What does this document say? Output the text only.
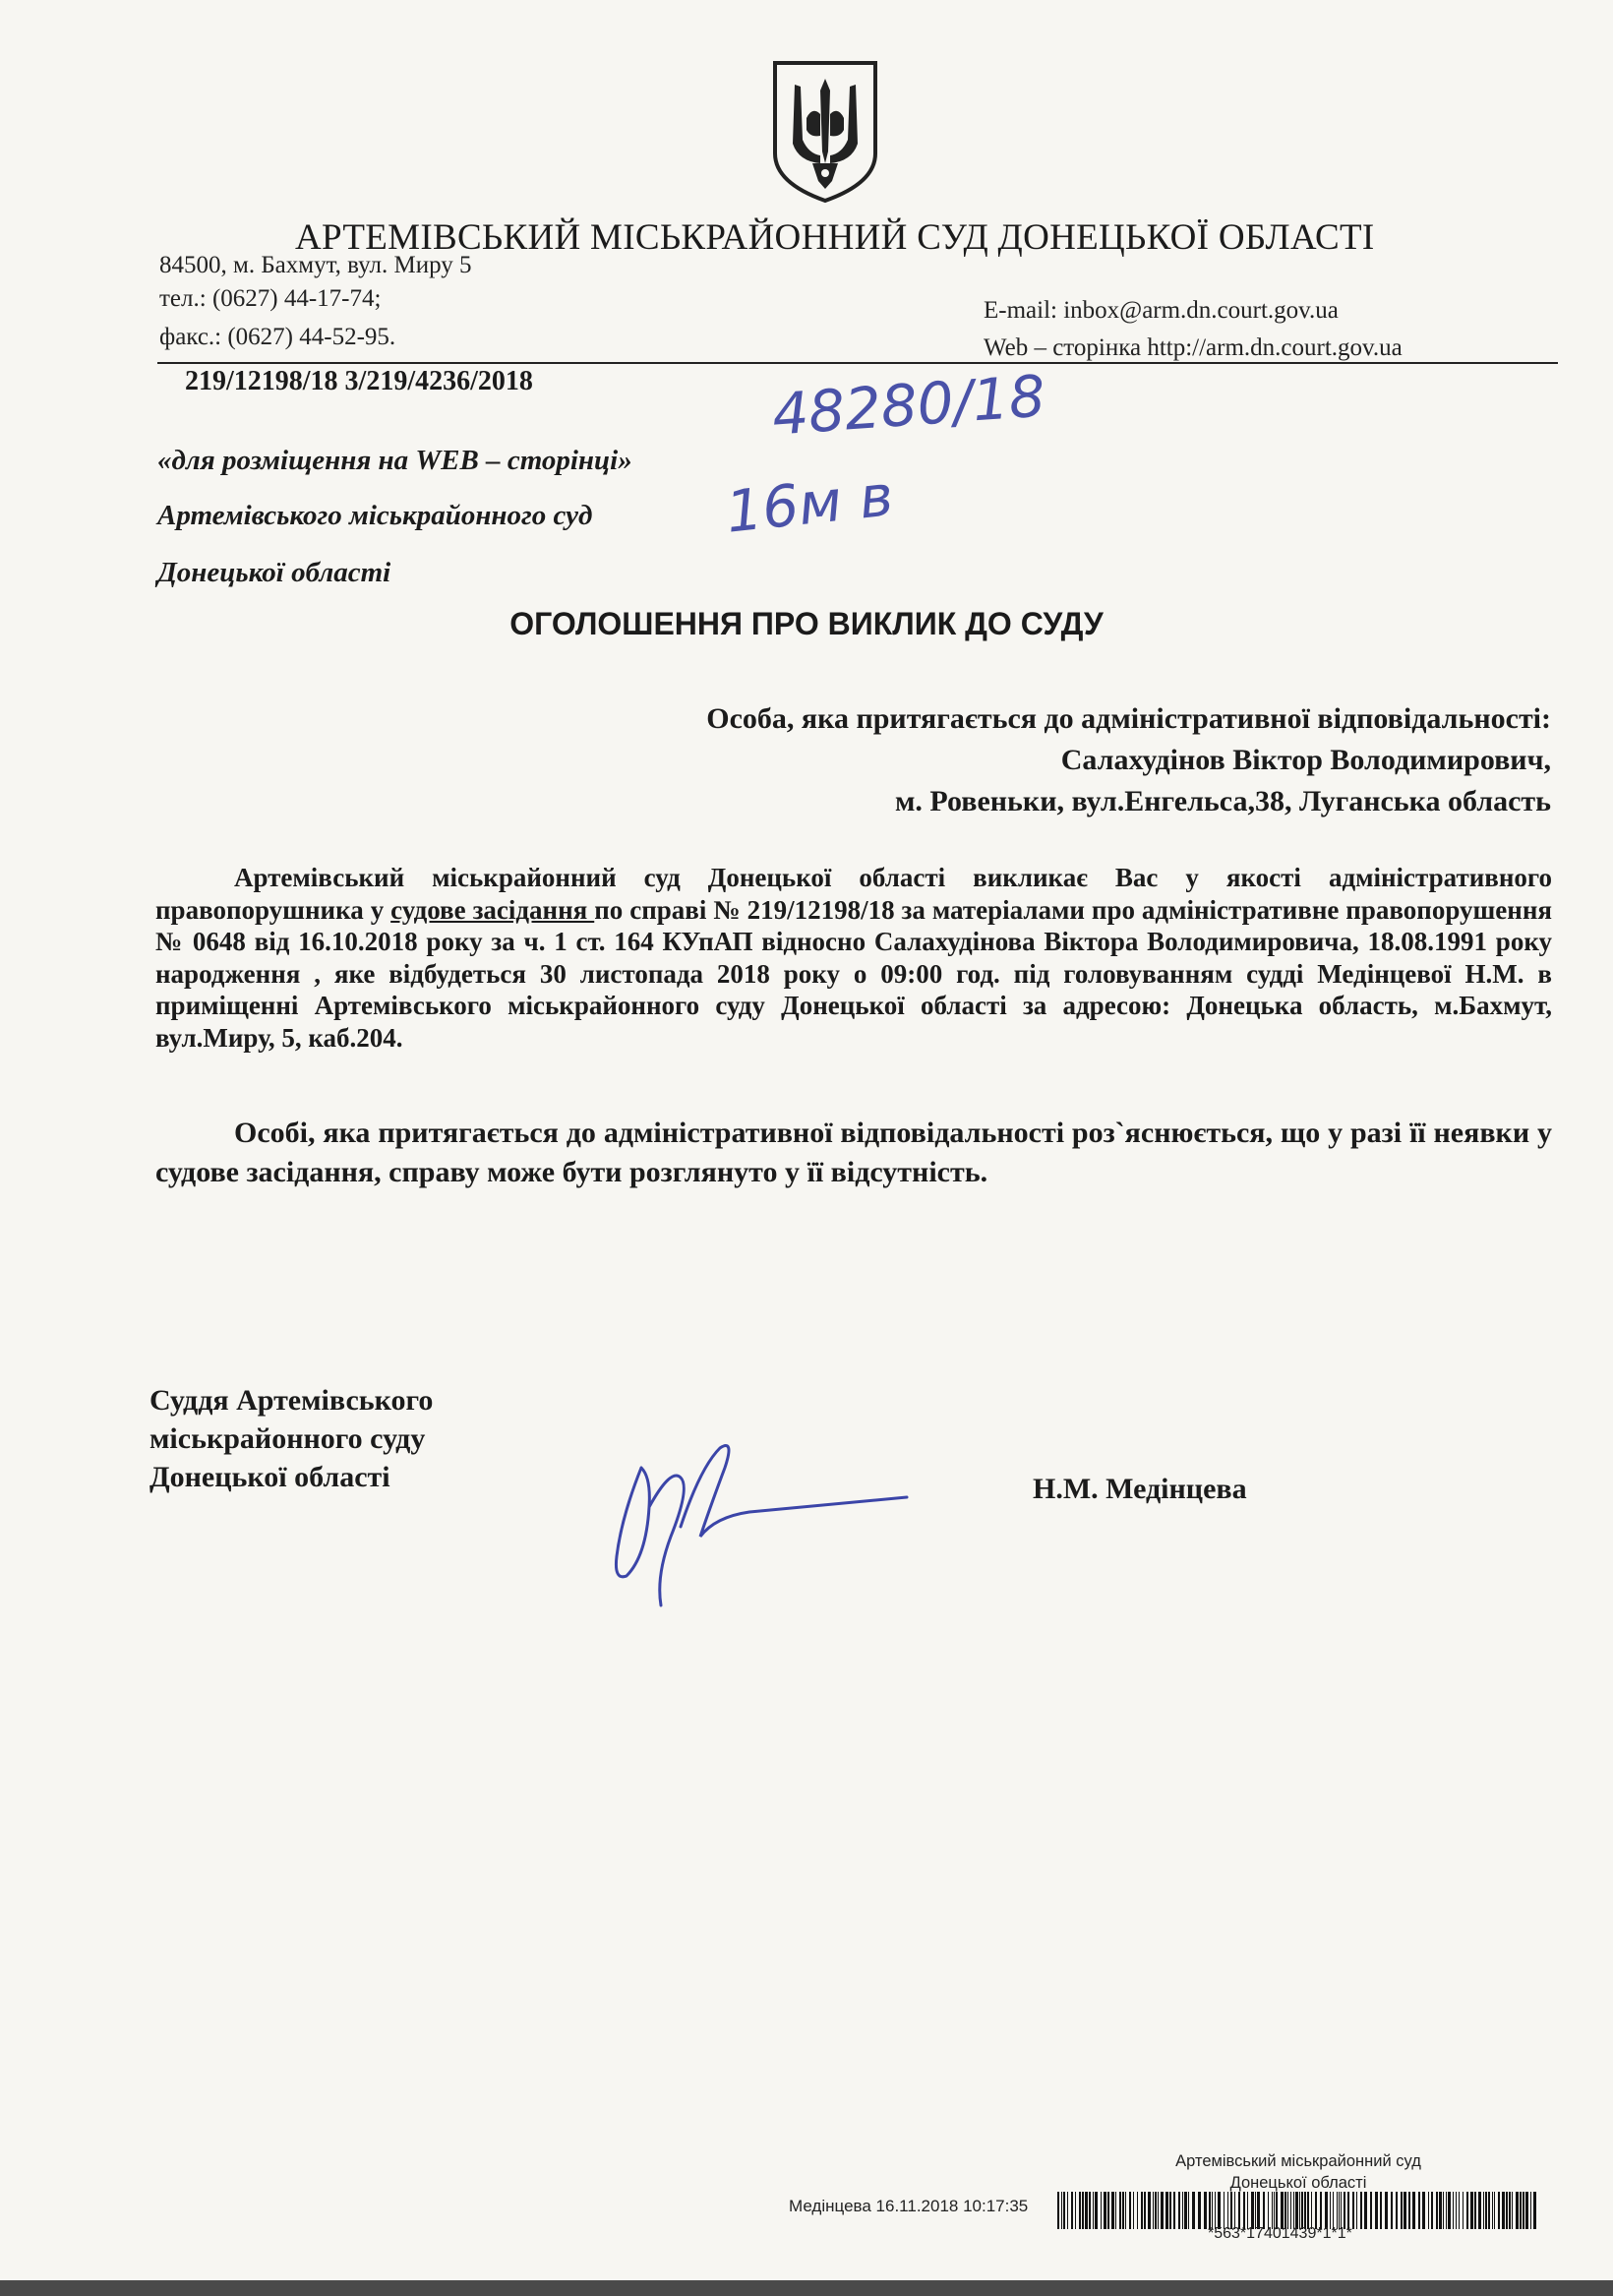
АРТЕМІВСЬКИЙ МІСЬКРАЙОННИЙ СУД ДОНЕЦЬКОЇ ОБЛАСТІ
84500, м. Бахмут, вул. Миру 5
тел.: (0627) 44-17-74;
факс.: (0627) 44-52-95.
E-mail: inbox@arm.dn.court.gov.ua
Web – сторінка http://arm.dn.court.gov.ua
219/12198/18 3/219/4236/2018	48280/18
16м в
«для розміщення на WEB – сторінці»
Артемівського міськрайонного суд
Донецької області
ОГОЛОШЕННЯ ПРО ВИКЛИК ДО СУДУ
Особа, яка притягається до адміністративної відповідальності:
Салахудінов Віктор Володимирович,
м. Ровеньки, вул.Енгельса,38, Луганська область

Артемівський міськрайонний суд Донецької області викликає Вас у якості адміністративного правопорушника у судове засідання по справі № 219/12198/18 за матеріалами про адміністративне правопорушення № 0648 від 16.10.2018 року за ч. 1 ст. 164 КУпАП відносно Салахудінова Віктора Володимировича, 18.08.1991 року народження , яке відбудеться 30 листопада 2018 року о 09:00 год. під головуванням судді Медінцевої Н.М. в приміщенні Артемівського міськрайонного суду Донецької області за адресою: Донецька область, м.Бахмут, вул.Миру, 5, каб.204.

Особі, яка притягається до адміністративної відповідальності роз`яснюється, що у разі її неявки у судове засідання, справу може бути розглянуто у її відсутність.

Суддя Артемівського
міськрайонного суду
Донецької області	Н.М. Медінцева
Артемівський міськрайонний суд
Донецької області
Медінцева 16.11.2018 10:17:35
*563*17401439*1*1*
